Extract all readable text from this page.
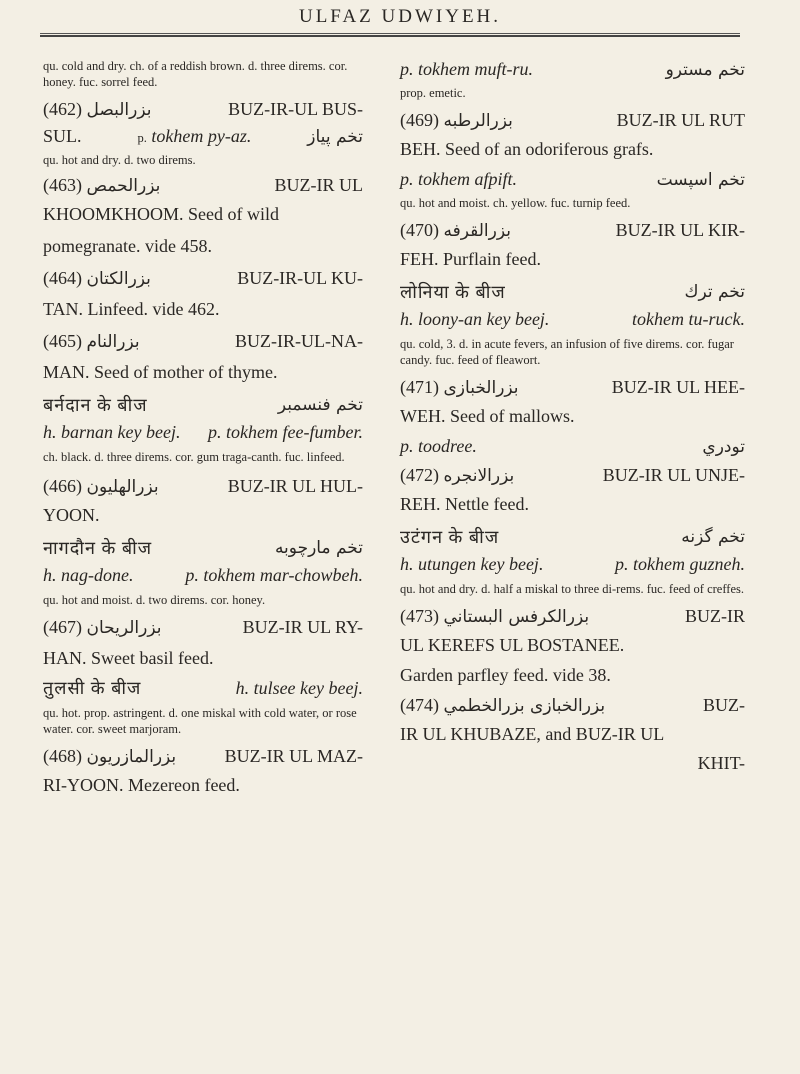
ULFAZ UDWIYEH.
qu. cold and dry. ch. of a reddish brown. d. three direms. cor. honey. fuc. sorrel feed.
(462) بزرالبصل	BUZ-IR-UL BUS-
SUL.	p. tokhem py-az.	تخم پياز
qu. hot and dry. d. two direms.
(463) بزرالحمص	BUZ-IR UL
KHOOMKHOOM. Seed of wild
pomegranate. vide 458.
(464) بزرالكتان	BUZ-IR-UL KU-
TAN. Linfeed. vide 462.
(465) بزرالنام	BUZ-IR-UL-NA-
MAN. Seed of mother of thyme.
बर्नदान के बीज	تخم فنسمبر
h. barnan key beej. p. tokhem fee-fumber.
ch. black. d. three direms. cor. gum traga-canth. fuc. linfeed.
(466) بزرالهليون	BUZ-IR UL HUL-
YOON.
नागदौन के बीज	تخم مارچوبه
h. nag-done.	p. tokhem mar-chowbeh.
qu. hot and moist. d. two direms. cor. honey.
(467) بزرالريحان	BUZ-IR UL RY-
HAN. Sweet basil feed.
तुलसी के बीज	h. tulsee key beej.
qu. hot. prop. astringent. d. one miskal with cold water, or rose water. cor. sweet marjoram.
(468) بزرالمازريون	BUZ-IR UL MAZ-
RI-YOON. Mezereon feed.
p. tokhem muft-ru.	تخم مسترو
prop. emetic.
(469) بزرالرطبه	BUZ-IR UL RUT
BEH. Seed of an odoriferous grafs.
p. tokhem afpift.	تخم اسپست
qu. hot and moist. ch. yellow. fuc. turnip feed.
(470) بزرالقرفه	BUZ-IR UL KIR-
FEH. Purflain feed.
लोनिया के बीज	تخم ترك
h. loony-an key beej.	tokhem tu-ruck.
qu. cold, 3. d. in acute fevers, an infusion of five direms. cor. fugar candy. fuc. feed of fleawort.
(471) بزرالخبازى	BUZ-IR UL HEE-
WEH. Seed of mallows.
p. toodree.	تودري
(472) بزرالانجره	BUZ-IR UL UNJE-
REH. Nettle feed.
उटंगन के बीज	تخم گزنه
h. utungen key beej.	p. tokhem guzneh.
qu. hot and dry. d. half a miskal to three di-rems. fuc. feed of creffes.
(473) بزرالكرفس البستاني	BUZ-IR
UL KEREFS UL BOSTANEE.
Garden parfley feed. vide 38.
(474) بزرالخبازى بزرالخطمي	BUZ-
IR UL KHUBAZE, and BUZ-IR UL
KHIT-
